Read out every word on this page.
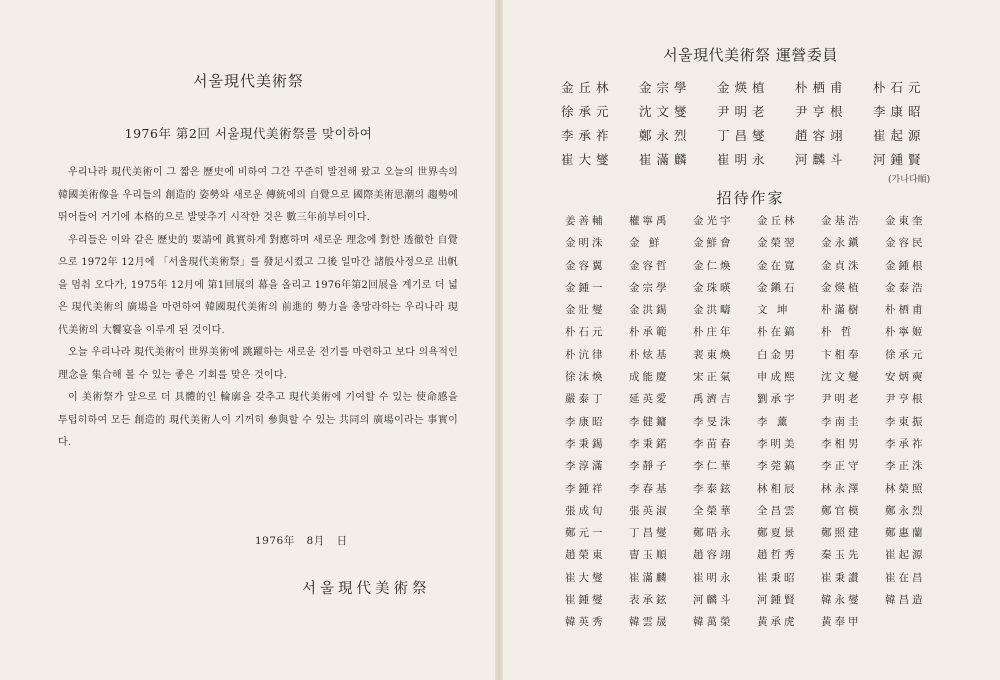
서울現代美術祭
1976年 第2回 서울現代美術祭를 맞이하여

우리나라 現代美術이 그 짧은 歷史에 비하여 그간 꾸준히 발전해 왔고 오늘의 世界속의 韓國美術像을 우리들의 創造的 姿勢와 새로운 傳統에의 自覺으로 國際美術思潮의 趨勢에 뛰어들어 거기에 本格的으로 발맞추기 시작한 것은 數三年前부터이다.

우리들은 이와 같은 歷史的 要請에 眞實하게 對應하며 새로운 理念에 對한 透徹한 自覺으로 1972年 12月에 「서울現代美術祭」를 發足시켰고 그後 일마간 諸般사정으로 出帆을 멈춰 오다가, 1975年 12月에 第1回展의 幕을 올리고 1976年第2回展을 계기로 더 넓은 現代美術의 廣場을 마련하여 韓國現代美術의 前進的 勢力을 총망라하는 우리나라 現代美術의 大饗宴을 이루게 된 것이다.

오늘 우리나라 現代美術이 世界美術에 跳躍하는 새로운 전기를 마련하고 보다 의욕적인 理念을 集合해 볼 수 있는 좋은 기회를 맞은 것이다.

이 美術祭가 앞으로 더 具體的인 輪廓을 갖추고 現代美術에 기여할 수 있는 使命感을 투텁히하여 모든 創造的 現代美術人이 기꺼히 參與할 수 있는 共同의 廣場이라는 事實이다.

1976年 8月 日
서울現代美術祭
서울現代美術祭 運營委員
金丘林	金宗學	金煐植	朴栖甫	朴石元
徐承元	沈文燮	尹明老	尹亨根	李康昭
李承祚	鄭永烈	丁昌燮	趙容翊	崔起源
崔大燮	崔滿麟	崔明永	河麟斗	河鍾賢
(가나다順)
招待作家
姜善輔	權寧禹	金光宇	金丘林	金基浩	金東奎
金明洙	金 鮮	金鮮會	金榮翌	金永鎭	金容民
金容翼	金容哲	金仁煥	金在寬	金貞洙	金鍾根
金鍾一	金宗學	金珠暎	金鎭石	金煐植	金泰浩
金壯燮	金洪錫	金洪疇	文 坤	朴滿樹	朴栖甫
朴石元	朴承範	朴庄年	朴在鎬	朴 哲	朴寧姬
朴沆律	朴炫基	裵東煥	白金男	卞相奉	徐承元
徐沫煥	成能慶	宋正氣	申成熙	沈文燮	安炳奭
嚴泰丁	延英愛	禹濟吉	劉承宇	尹明老	尹亨根
李康昭	李健鏞	李旻洙	李 薰	李南圭	李東振
李秉錫	李秉鍩	李苗春	李明美	李相男	李承祚
李淳滿	李靜子	李仁華	李莞鎬	李正守	李正洙
李鍾祥	李春基	李泰鉉	林相辰	林永澤	林榮照
張成旬	張英淑	全榮華	全昌雲	鄭官模	鄭永烈
鄭元一	丁昌燮	鄭晤永	鄭夏景	鄭照建	鄭惠蘭
趙榮東	曺玉順	趙容翊	趙哲秀	秦玉先	崔起源
崔大燮	崔滿麟	崔明永	崔秉昭	崔秉讚	崔在昌
崔鍾燮	表承鉉	河麟斗	河鍾賢	韓永燮	韓昌造
韓英秀	韓雲晟	韓萬榮	黃承虎	黃奉甲
